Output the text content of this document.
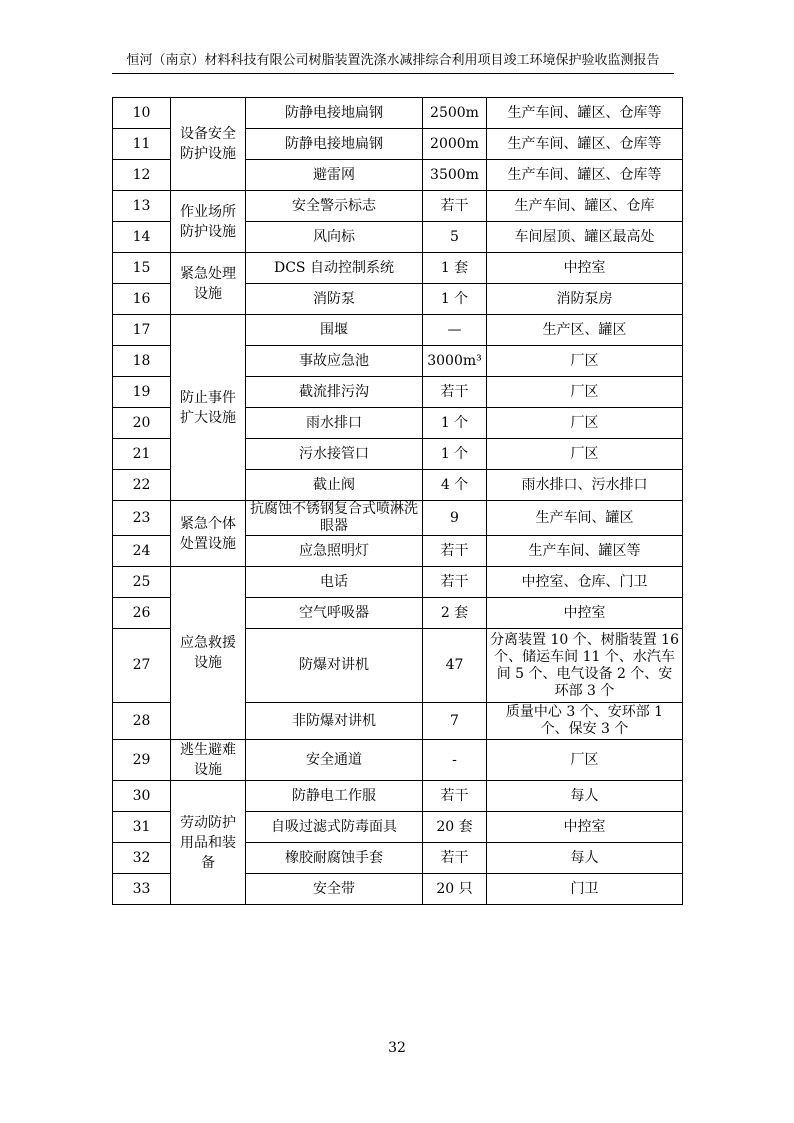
恒河（南京）材料科技有限公司树脂装置洗涤水减排综合利用项目竣工环境保护验收监测报告
10	设备安全防护设施	防静电接地扁钢	2500m	生产车间、罐区、仓库等
11		防静电接地扁钢	2000m	生产车间、罐区、仓库等
12		避雷网	3500m	生产车间、罐区、仓库等
13	作业场所防护设施	安全警示标志	若干	生产车间、罐区、仓库
14		风向标	5	车间屋顶、罐区最高处
15	紧急处理设施	DCS 自动控制系统	1 套	中控室
16		消防泵	1 个	消防泵房
17	防止事件扩大设施	围堰	—	生产区、罐区
18		事故应急池	3000m³	厂区
19		截流排污沟	若干	厂区
20		雨水排口	1 个	厂区
21		污水接管口	1 个	厂区
22		截止阀	4 个	雨水排口、污水排口
23	紧急个体处置设施	抗腐蚀不锈钢复合式喷淋洗眼器	9	生产车间、罐区
24		应急照明灯	若干	生产车间、罐区等
25	应急救援设施	电话	若干	中控室、仓库、门卫
26		空气呼吸器	2 套	中控室
27		防爆对讲机	47	分离装置 10 个、树脂装置 16 个、储运车间 11 个、水汽车间 5 个、电气设备 2 个、安环部 3 个
28		非防爆对讲机	7	质量中心 3 个、安环部 1 个、保安 3 个
29	逃生避难设施	安全通道	-	厂区
30	劳动防护用品和装备	防静电工作服	若干	每人
31		自吸过滤式防毒面具	20 套	中控室
32		橡胶耐腐蚀手套	若干	每人
33		安全带	20 只	门卫
32
